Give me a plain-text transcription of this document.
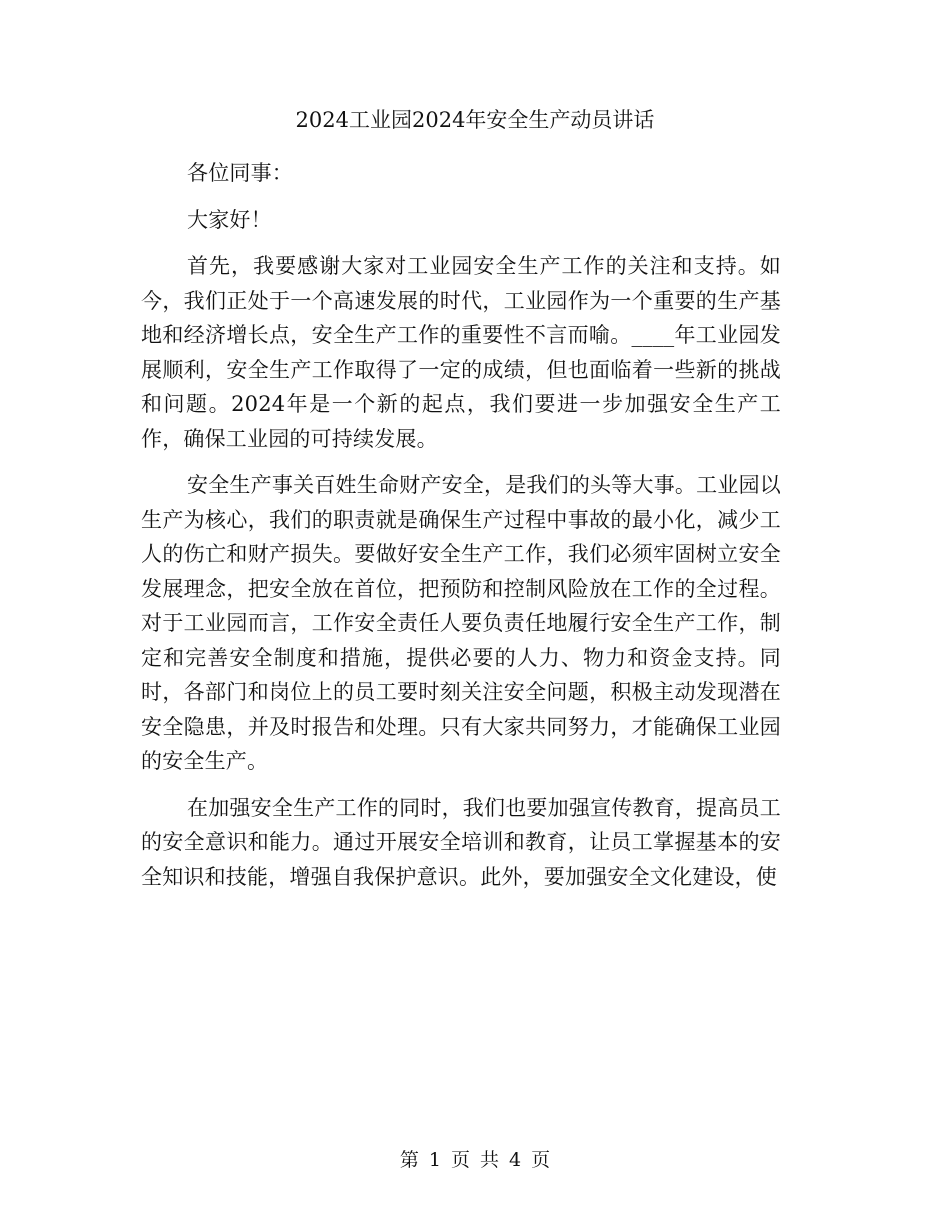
2024工业园2024年安全生产动员讲话

各位同事：

大家好！

首先，我要感谢大家对工业园安全生产工作的关注和支持。如今，我们正处于一个高速发展的时代，工业园作为一个重要的生产基地和经济增长点，安全生产工作的重要性不言而喻。____年工业园发展顺利，安全生产工作取得了一定的成绩，但也面临着一些新的挑战和问题。2024年是一个新的起点，我们要进一步加强安全生产工作，确保工业园的可持续发展。

安全生产事关百姓生命财产安全，是我们的头等大事。工业园以生产为核心，我们的职责就是确保生产过程中事故的最小化，减少工人的伤亡和财产损失。要做好安全生产工作，我们必须牢固树立安全发展理念，把安全放在首位，把预防和控制风险放在工作的全过程。对于工业园而言，工作安全责任人要负责任地履行安全生产工作，制定和完善安全制度和措施，提供必要的人力、物力和资金支持。同时，各部门和岗位上的员工要时刻关注安全问题，积极主动发现潜在安全隐患，并及时报告和处理。只有大家共同努力，才能确保工业园的安全生产。

在加强安全生产工作的同时，我们也要加强宣传教育，提高员工的安全意识和能力。通过开展安全培训和教育，让员工掌握基本的安全知识和技能，增强自我保护意识。此外，要加强安全文化建设，使

第 1 页 共 4 页
